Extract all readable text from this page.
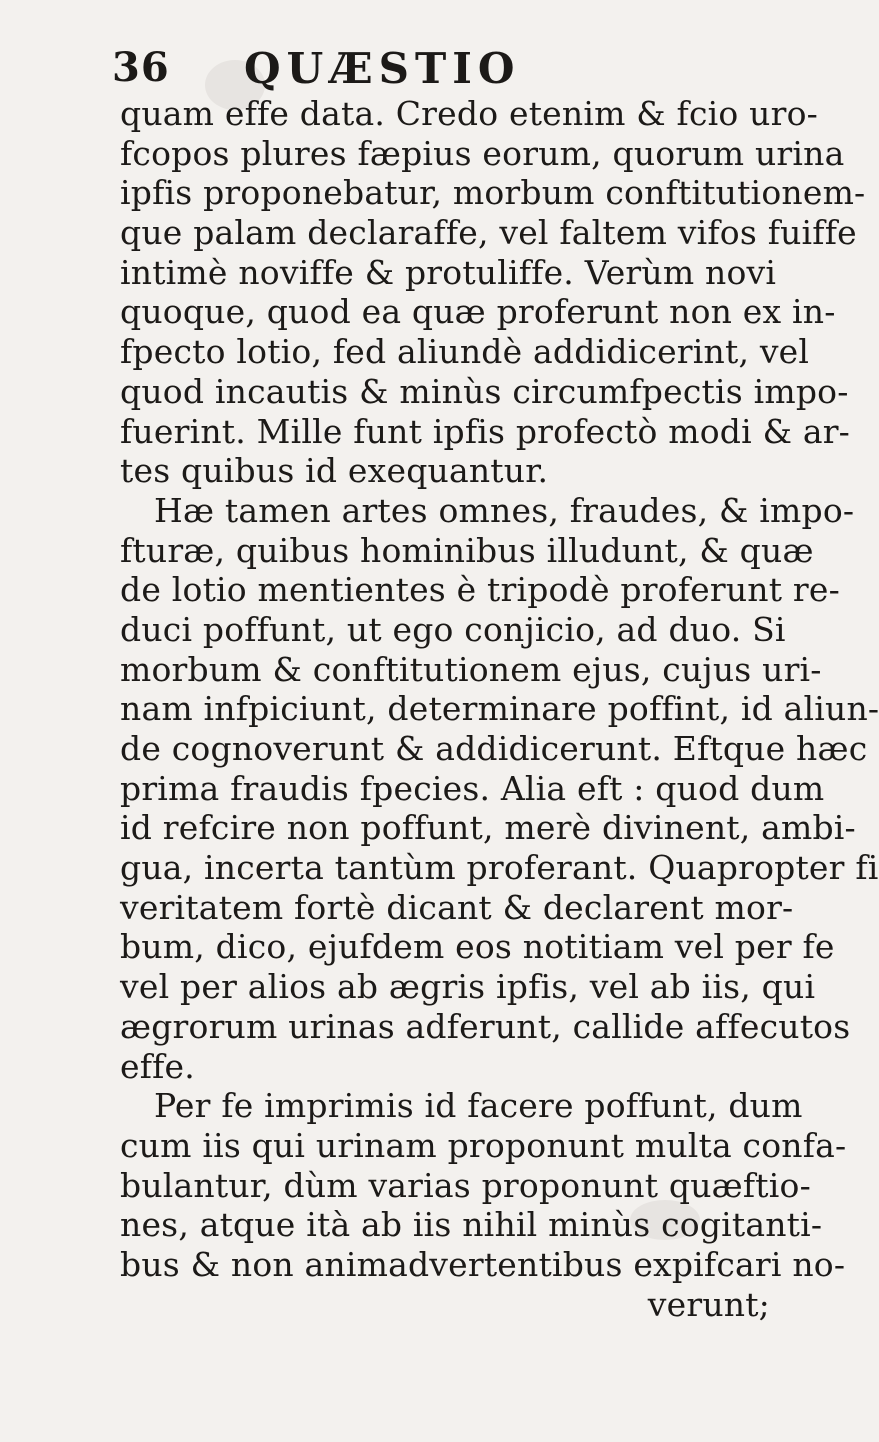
36 QUÆSTIO
quam effe data. Credo etenim & fcio uro-
fcopos plures fæpius eorum, quorum urina
ipfis proponebatur, morbum conftitutionem-
que palam declaraffe, vel faltem vifos fuiffe
intimè noviffe & protuliffe. Verùm novi
quoque, quod ea quæ proferunt non ex in-
fpecto lotio, fed aliundè addidicerint, vel
quod incautis & minùs circumfpectis impo-
fuerint. Mille funt ipfis profectò modi & ar-
tes quibus id exequantur.
Hæ tamen artes omnes, fraudes, & impo-
fturæ, quibus hominibus illudunt, & quæ
de lotio mentientes è tripodè proferunt re-
duci poffunt, ut ego conjicio, ad duo. Si
morbum & conftitutionem ejus, cujus uri-
nam infpiciunt, determinare poffint, id aliun-
de cognoverunt & addidicerunt. Eftque hæc
prima fraudis fpecies. Alia eft : quod dum
id refcire non poffunt, merè divinent, ambi-
gua, incerta tantùm proferant. Quapropter fi
veritatem fortè dicant & declarent mor-
bum, dico, ejufdem eos notitiam vel per fe
vel per alios ab ægris ipfis, vel ab iis, qui
ægrorum urinas adferunt, callide affecutos
effe.
Per fe imprimis id facere poffunt, dum
cum iis qui urinam proponunt multa confa-
bulantur, dùm varias proponunt quæftio-
nes, atque ità ab iis nihil minùs cogitanti-
bus & non animadvertentibus expifcari no-
verunt;
